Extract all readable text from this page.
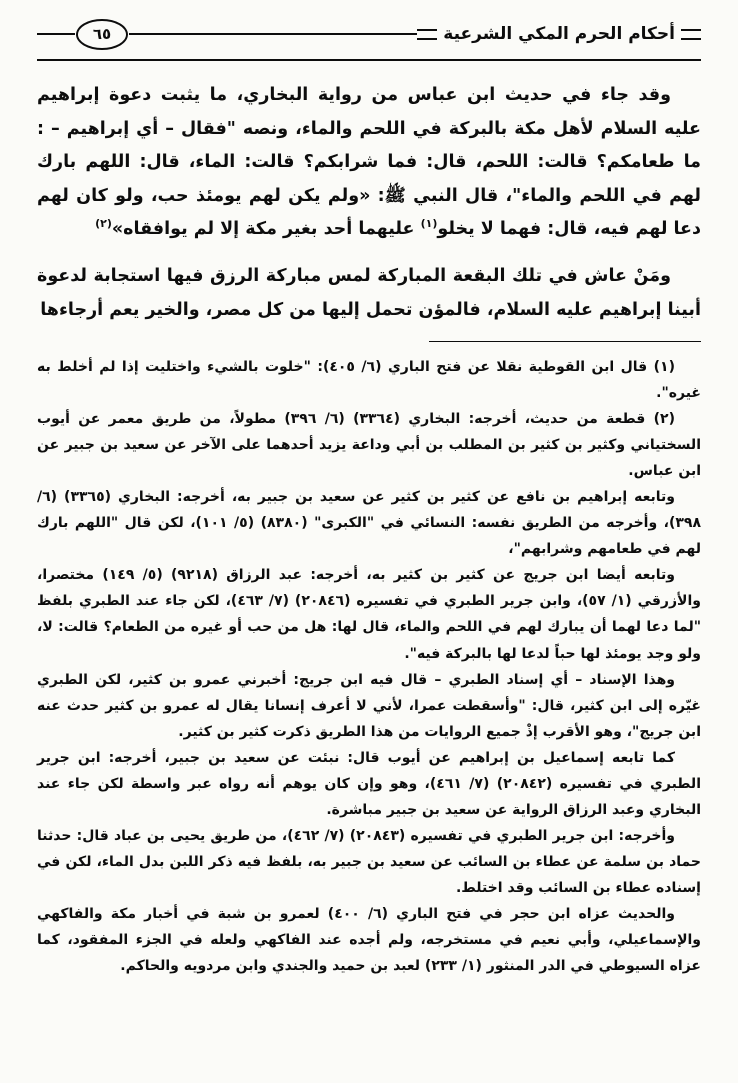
أحكام الحرم المكي الشرعية
٦٥

وقد جاء في حديث ابن عباس من رواية البخاري، ما يثبت دعوة إبراهيم عليه السلام لأهل مكة بالبركة في اللحم والماء، ونصه "فقال – أي إبراهيم – : ما طعامكم؟ قالت: اللحم، قال: فما شرابكم؟ قالت: الماء، قال: اللهم بارك لهم في اللحم والماء"، قال النبي ﷺ: «ولم يكن لهم يومئذ حب، ولو كان لهم دعا لهم فيه، قال: فهما لا يخلو$^{(١)}$ عليهما أحد بغير مكة إلا لم يوافقاه»$^{(٢)}$

ومَنْ عاش في تلك البقعة المباركة لمس مباركة الرزق فيها استجابة لدعوة أبينا إبراهيم عليه السلام، فالمؤن تحمل إليها من كل مصر، والخير يعم أرجاءها

(١) قال ابن القوطية نقلا عن فتح الباري (٦/ ٤٠٥): "خلوت بالشيء واختليت إذا لم أخلط به غيره".

(٢) قطعة من حديث، أخرجه: البخاري (٣٣٦٤) (٦/ ٣٩٦) مطولاً، من طريق معمر عن أيوب السختياني وكثير بن كثير بن المطلب بن أبي وداعة يزيد أحدهما على الآخر عن سعيد بن جبير عن ابن عباس.

وتابعه إبراهيم بن نافع عن كثير بن كثير عن سعيد بن جبير به، أخرجه: البخاري (٣٣٦٥) (٦/ ٣٩٨)، وأخرجه من الطريق نفسه: النسائي في "الكبرى" (٨٣٨٠) (٥/ ١٠١)، لكن قال "اللهم بارك لهم في طعامهم وشرابهم"،

وتابعه أيضا ابن جريج عن كثير بن كثير به، أخرجه: عبد الرزاق (٩٢١٨) (٥/ ١٤٩) مختصرا، والأزرقي (١/ ٥٧)، وابن جرير الطبري في تفسيره (٢٠٨٤٦) (٧/ ٤٦٣)، لكن جاء عند الطبري بلفظ "لما دعا لهما أن يبارك لهم في اللحم والماء، قال لها: هل من حب أو غيره من الطعام؟ قالت: لا، ولو وجد يومئذ لها حباً لدعا لها بالبركة فيه".

وهذا الإسناد – أي إسناد الطبري – قال فيه ابن جريج: أخبرني عمرو بن كثير، لكن الطبري غيّره إلى ابن كثير، قال: "وأسقطت عمرا، لأني لا أعرف إنسانا يقال له عمرو بن كثير حدث عنه ابن جريج"، وهو الأقرب إذْ جميع الروايات من هذا الطريق ذكرت كثير بن كثير.

كما تابعه إسماعيل بن إبراهيم عن أيوب قال: نبئت عن سعيد بن جبير، أخرجه: ابن جرير الطبري في تفسيره (٢٠٨٤٢) (٧/ ٤٦١)، وهو وإن كان يوهم أنه رواه عبر واسطة لكن جاء عند البخاري وعبد الرزاق الرواية عن سعيد بن جبير مباشرة.

وأخرجه: ابن جرير الطبري في تفسيره (٢٠٨٤٣) (٧/ ٤٦٢)، من طريق يحيى بن عباد قال: حدثنا حماد بن سلمة عن عطاء بن السائب عن سعيد بن جبير به، بلفظ فيه ذكر اللبن بدل الماء، لكن في إسناده عطاء بن السائب وقد اختلط.

والحديث عزاه ابن حجر في فتح الباري (٦/ ٤٠٠) لعمرو بن شبة في أخبار مكة والفاكهي والإسماعيلي، وأبي نعيم في مستخرجه، ولم أجده عند الفاكهي ولعله في الجزء المفقود، كما عزاه السيوطي في الدر المنثور (١/ ٢٣٣) لعبد بن حميد والجندي وابن مردويه والحاكم.
